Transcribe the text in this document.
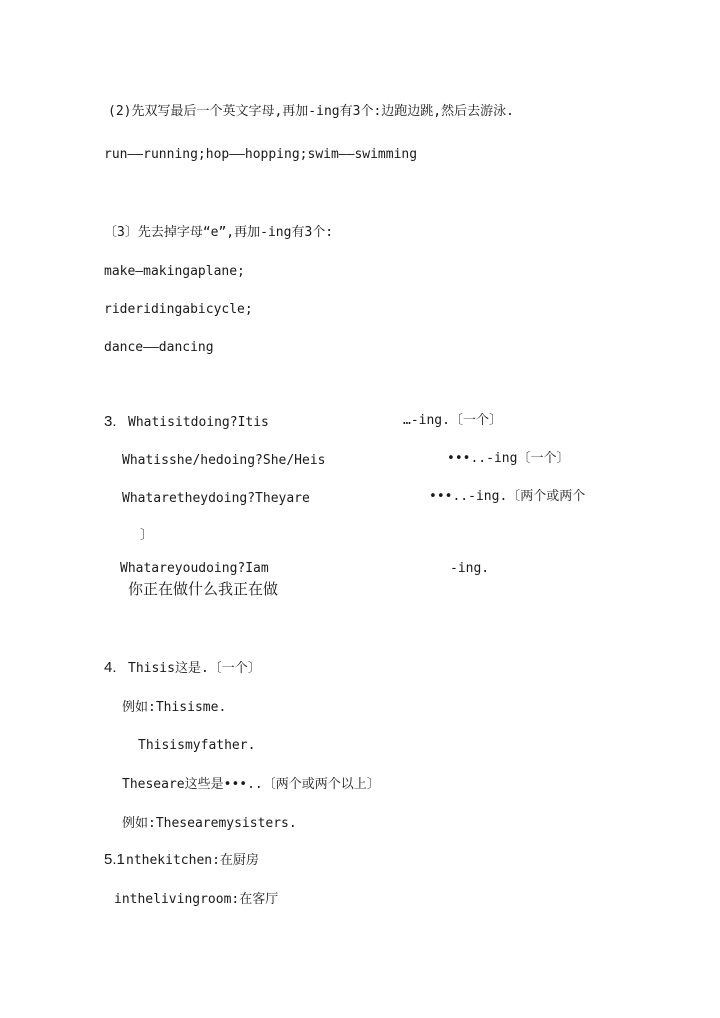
(2)先双写最后一个英文字母,再加-ing有3个:边跑边跳,然后去游泳.
run——running;hop——hopping;swim——swimming
〔3〕先去掉字母“e”,再加-ing有3个:
make—makingaplane;
rideridingabicycle;
dance——dancing
3. Whatisitdoing?Itis	…-ing.〔一个〕
Whatisshe/hedoing?She/Heis	•••..-ing〔一个〕
Whataretheydoing?Theyare	•••..-ing.〔两个或两个
〕
Whatareyoudoing?Iam	-ing.
你正在做什么我正在做
4. Thisis这是.〔一个〕
例如:Thisisme.
Thisismyfather.
Theseare这些是•••..〔两个或两个以上〕
例如:Thesearemysisters.
5.1 nthekitchen:在厨房
inthelivingroom:在客厅
